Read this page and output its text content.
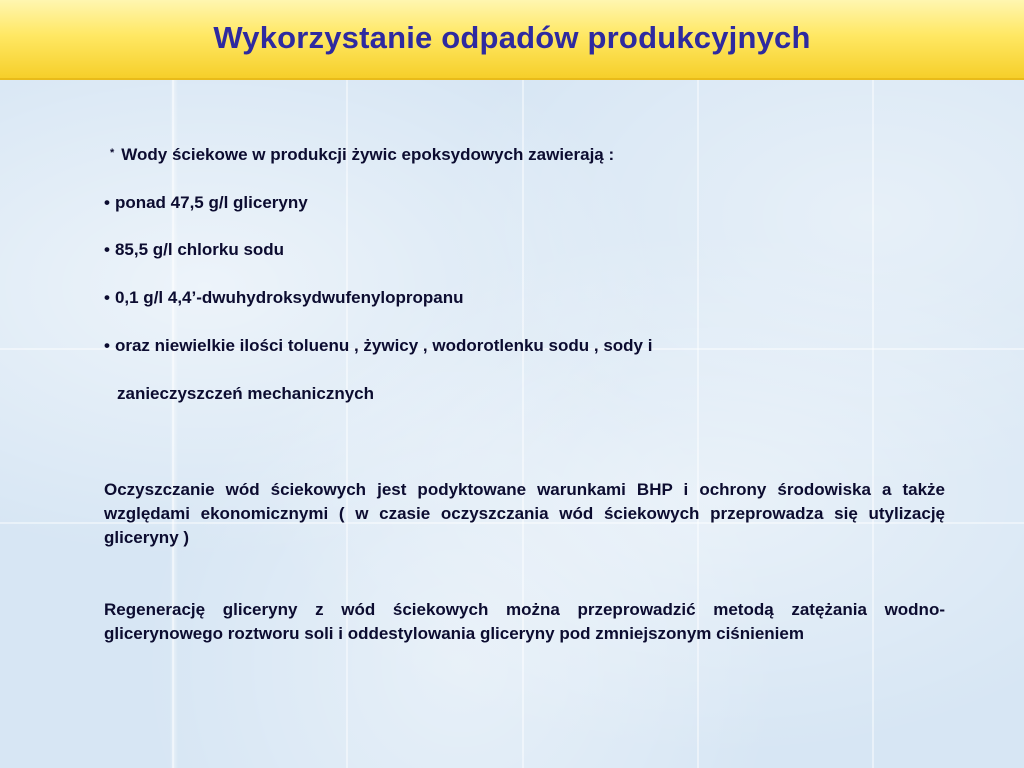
Wykorzystanie odpadów produkcyjnych
* Wody ściekowe w produkcji żywic epoksydowych zawierają :
• ponad 47,5 g/l gliceryny
• 85,5 g/l chlorku sodu
• 0,1 g/l 4,4’-dwuhydroksydwufenylopropanu
• oraz niewielkie ilości toluenu , żywicy , wodorotlenku sodu , sody i
zanieczyszczeń mechanicznych
Oczyszczanie wód ściekowych jest podyktowane warunkami BHP i ochrony środowiska a także względami ekonomicznymi ( w czasie oczyszczania wód ściekowych przeprowadza się utylizację gliceryny )
Regenerację gliceryny z wód ściekowych można przeprowadzić metodą zatężania wodno-glicerynowego roztworu soli i oddestylowania gliceryny pod zmniejszonym ciśnieniem
